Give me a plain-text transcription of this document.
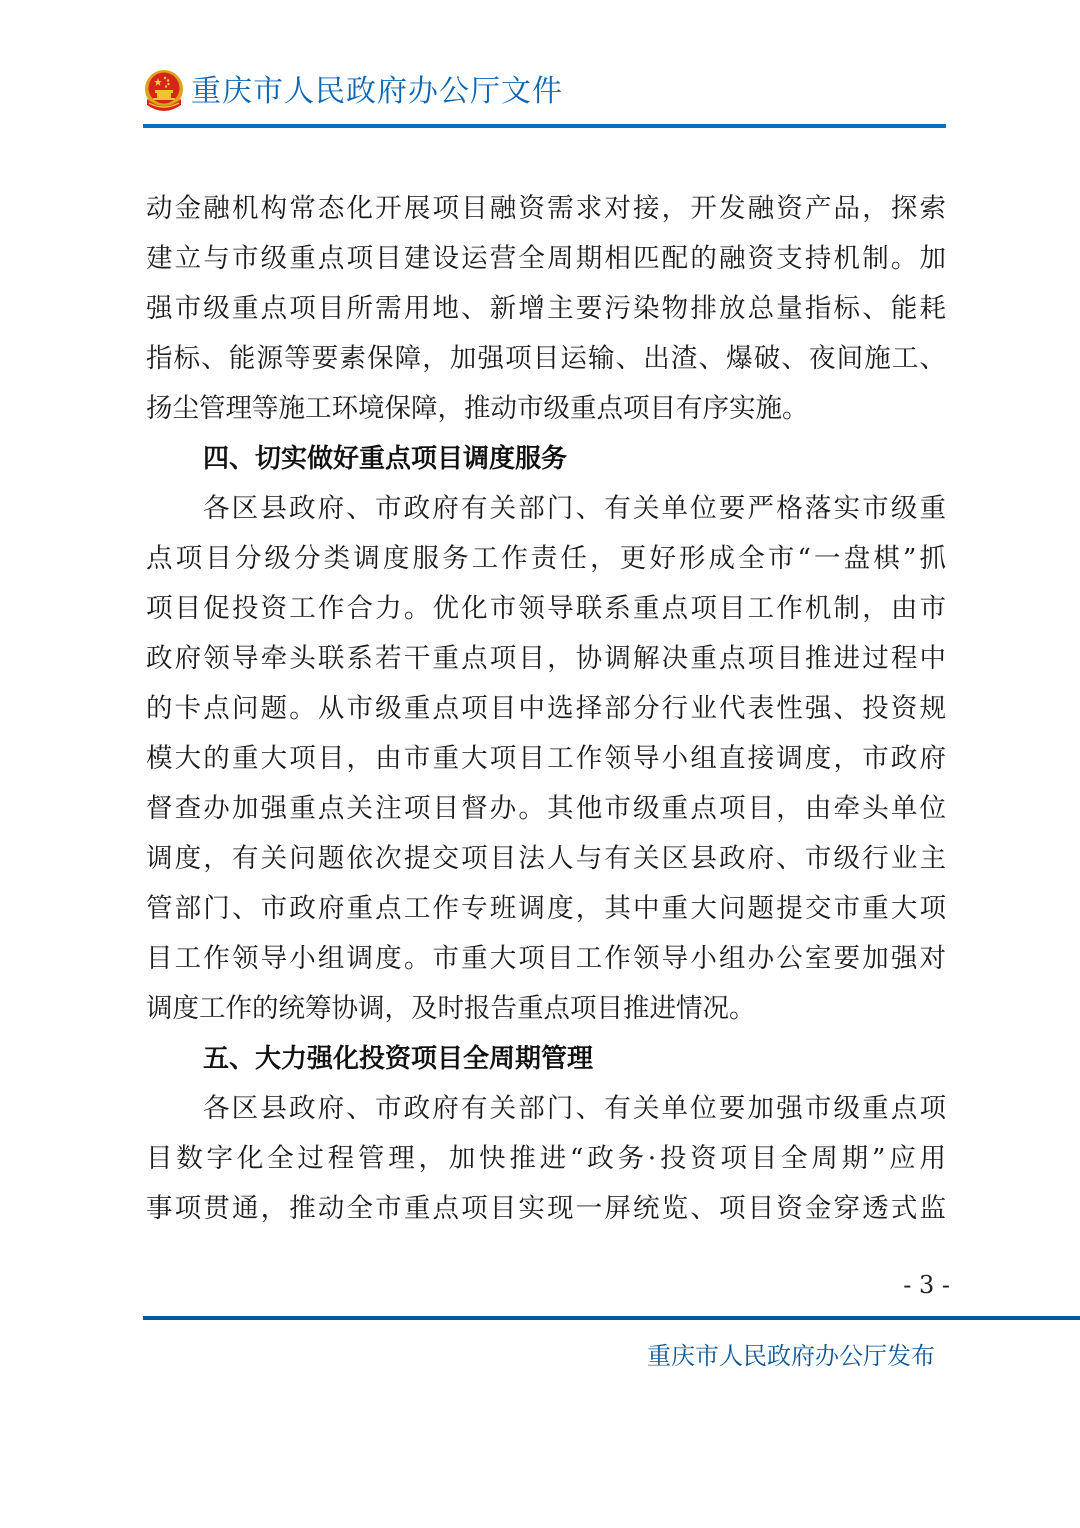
重庆市人民政府办公厅文件
动金融机构常态化开展项目融资需求对接，开发融资产品，探索
建立与市级重点项目建设运营全周期相匹配的融资支持机制。加
强市级重点项目所需用地、新增主要污染物排放总量指标、能耗
指标、能源等要素保障，加强项目运输、出渣、爆破、夜间施工、
扬尘管理等施工环境保障，推动市级重点项目有序实施。
四、切实做好重点项目调度服务
各区县政府、市政府有关部门、有关单位要严格落实市级重
点项目分级分类调度服务工作责任，更好形成全市“一盘棋”抓
项目促投资工作合力。优化市领导联系重点项目工作机制，由市
政府领导牵头联系若干重点项目，协调解决重点项目推进过程中
的卡点问题。从市级重点项目中选择部分行业代表性强、投资规
模大的重大项目，由市重大项目工作领导小组直接调度，市政府
督查办加强重点关注项目督办。其他市级重点项目，由牵头单位
调度，有关问题依次提交项目法人与有关区县政府、市级行业主
管部门、市政府重点工作专班调度，其中重大问题提交市重大项
目工作领导小组调度。市重大项目工作领导小组办公室要加强对
调度工作的统筹协调，及时报告重点项目推进情况。
五、大力强化投资项目全周期管理
各区县政府、市政府有关部门、有关单位要加强市级重点项
目数字化全过程管理，加快推进“政务·投资项目全周期”应用
事项贯通，推动全市重点项目实现一屏统览、项目资金穿透式监
- 3 -
重庆市人民政府办公厅发布
